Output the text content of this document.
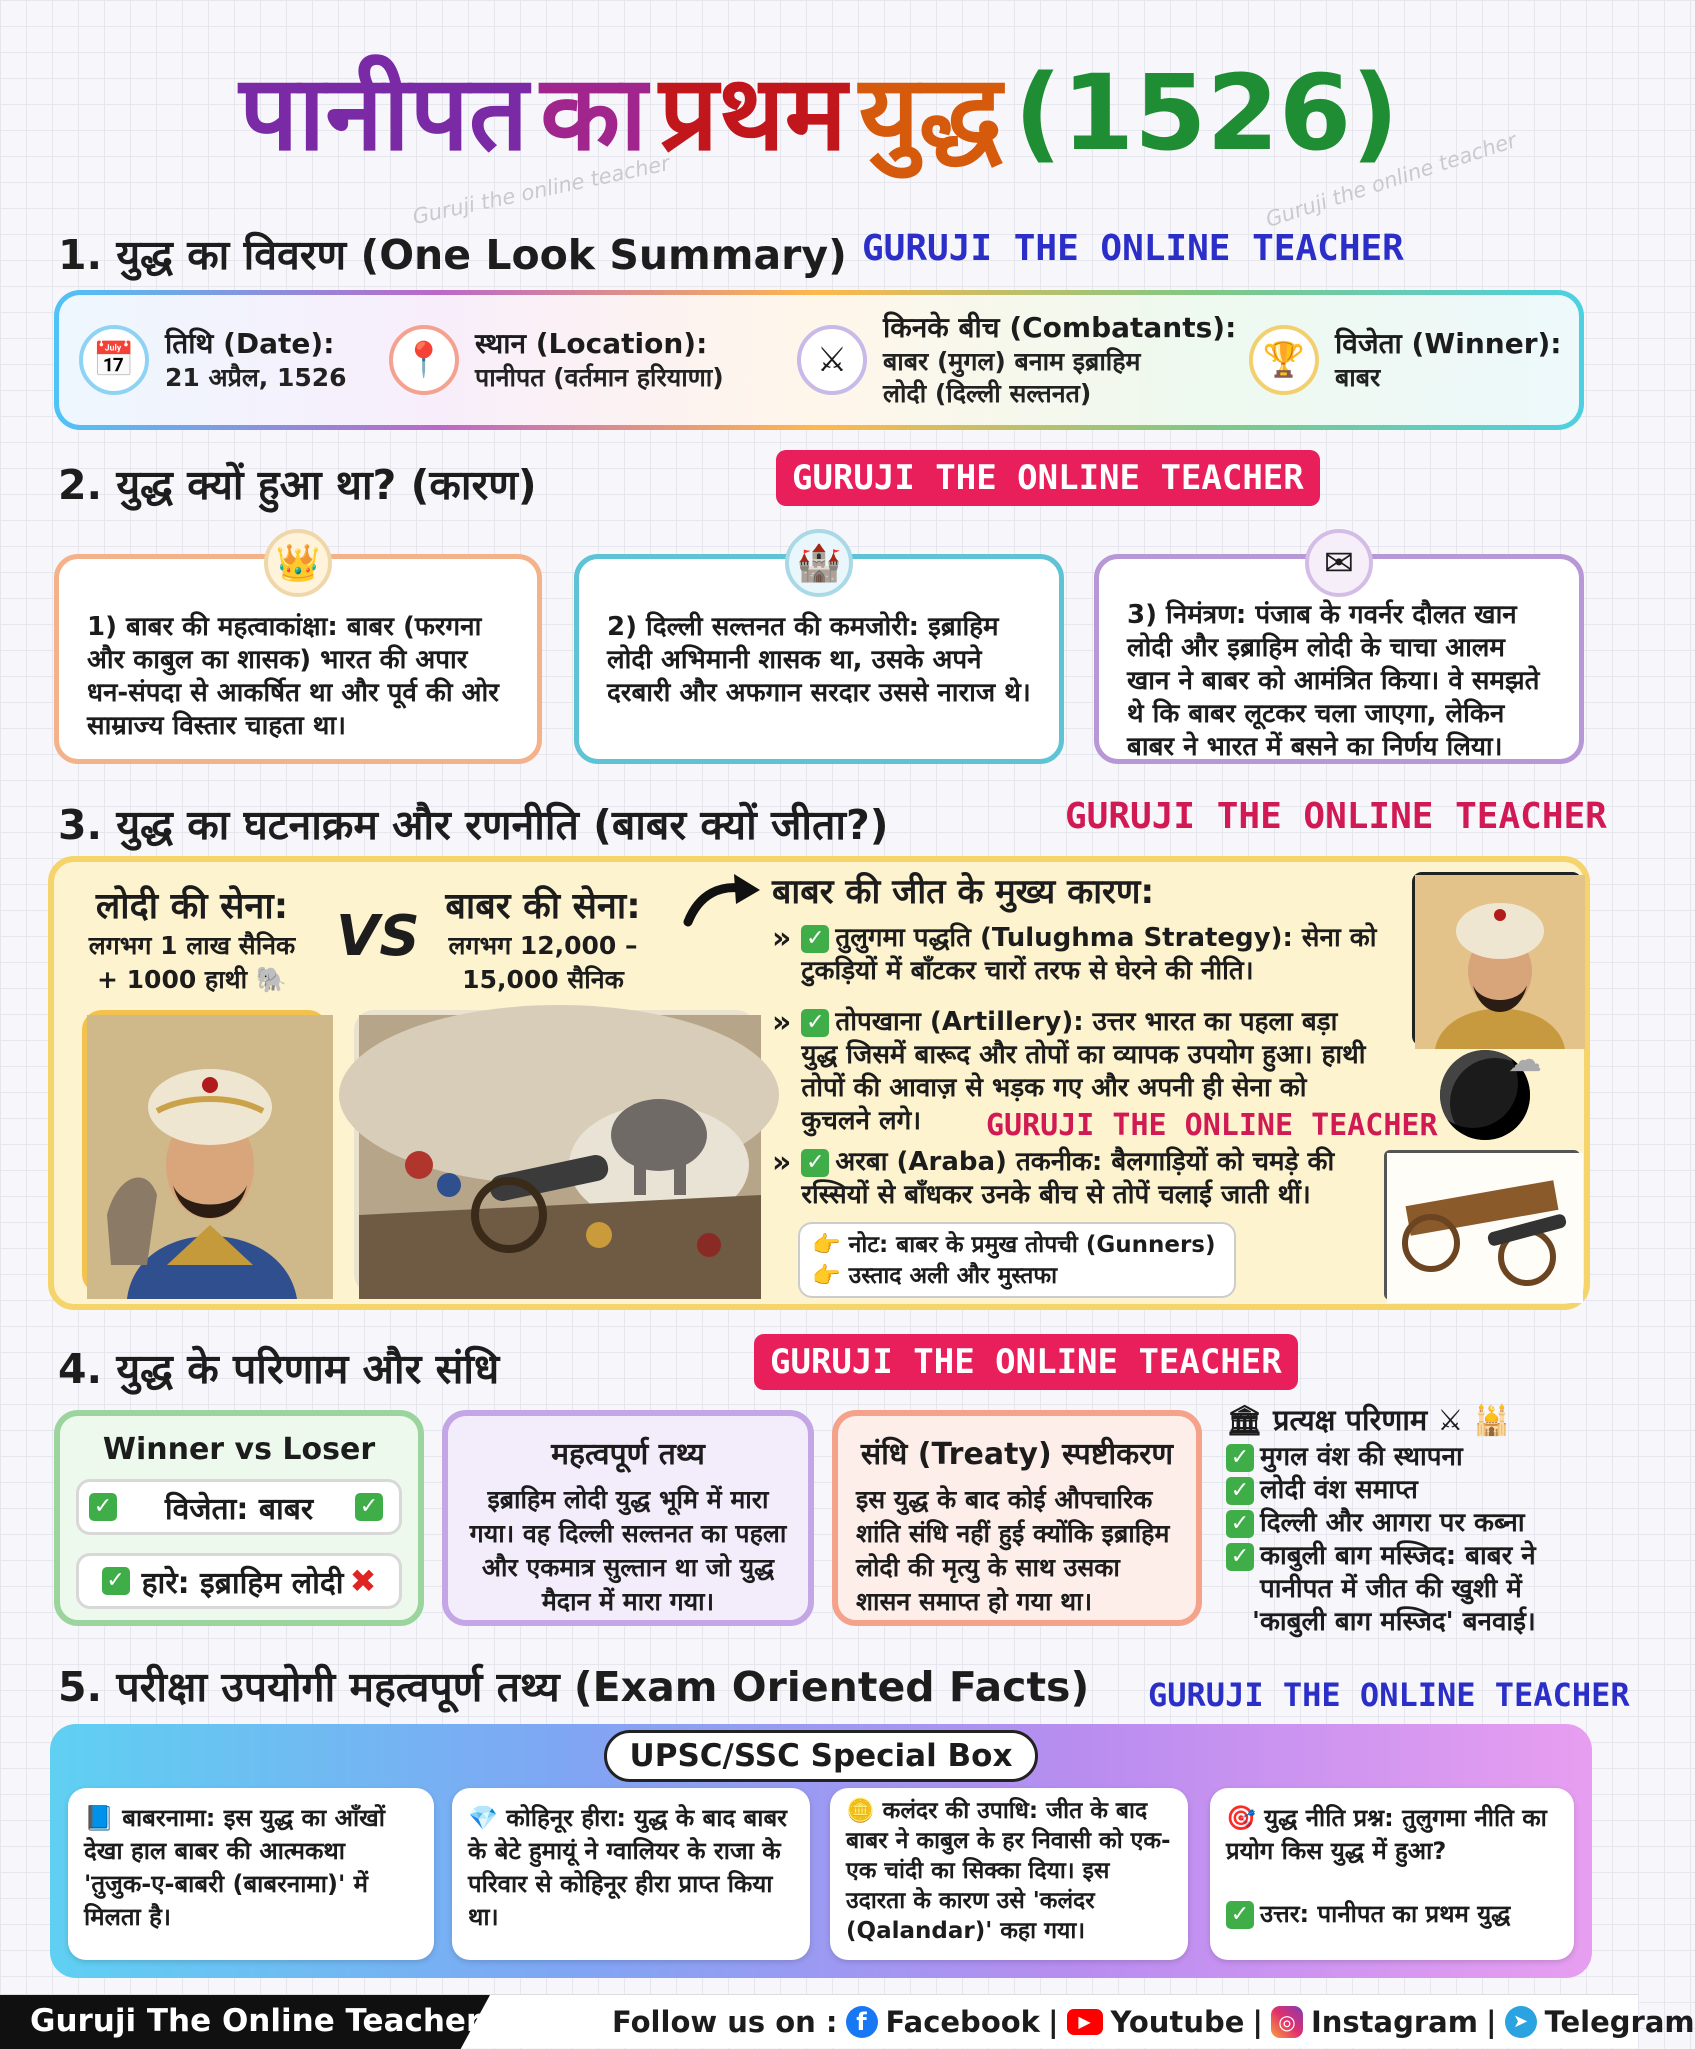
पानीपत का प्रथम युद्ध (1526)
Guruji the online teacher	Guruji the online teacher
1. युद्ध का विवरण (One Look Summary) GURUJI THE ONLINE TEACHER
📅	तिथि (Date):
21 अप्रैल, 1526	📍	स्थान (Location):
पानीपत (वर्तमान हरियाणा)	⚔
किनके बीच (Combatants):
बाबर (मुगल) बनाम इब्राहिम
लोदी (दिल्ली सल्तनत)
🏆	विजेता (Winner):
बाबर
2. युद्ध क्यों हुआ था? (कारण)	GURUJI THE ONLINE TEACHER
👑
1) बाबर की महत्वाकांक्षा: बाबर (फरगना और काबुल का शासक) भारत की अपार धन-संपदा से आकर्षित था और पूर्व की ओर साम्राज्य विस्तार चाहता था।
🏰
2) दिल्ली सल्तनत की कमजोरी: इब्राहिम लोदी अभिमानी शासक था, उसके अपने दरबारी और अफगान सरदार उससे नाराज थे।
✉
3) निमंत्रण: पंजाब के गवर्नर दौलत खान लोदी और इब्राहिम लोदी के चाचा आलम खान ने बाबर को आमंत्रित किया। वे समझते थे कि बाबर लूटकर चला जाएगा, लेकिन बाबर ने भारत में बसने का निर्णय लिया।
3. युद्ध का घटनाक्रम और रणनीति (बाबर क्यों जीता?)	GURUJI THE ONLINE TEACHER
लोदी की सेना:
लगभग 1 लाख सैनिक
+ 1000 हाथी 🐘
VS बाबर की सेना:
लगभग 12,000 –
15,000 सैनिक
बाबर की जीत के मुख्य कारण:
» ✓ तुलुगमा पद्धति (Tulughma Strategy): सेना को
टुकड़ियों में बाँटकर चारों तरफ से घेरने की नीति।
» ✓ तोपखाना (Artillery): उत्तर भारत का पहला बड़ा
युद्ध जिसमें बारूद और तोपों का व्यापक उपयोग हुआ। हाथी
तोपों की आवाज़ से भड़क गए और अपनी ही सेना को
कुचलने लगे।	GURUJI THE ONLINE TEACHER
» ✓ अरबा (Araba) तकनीक: बैलगाड़ियों को चमड़े की
रस्सियों से बाँधकर उनके बीच से तोपें चलाई जाती थीं।
👉 नोट: बाबर के प्रमुख तोपची (Gunners)
👉 उस्ताद अली और मुस्तफा
☁
4. युद्ध के परिणाम और संधि	GURUJI THE ONLINE TEACHER
Winner vs Loser
✓ विजेता: बाबर ✓
✓ हारे: इब्राहिम लोदी ✖
महत्वपूर्ण तथ्य
इब्राहिम लोदी युद्ध भूमि में मारा गया। वह दिल्ली सल्तनत का पहला और एकमात्र सुल्तान था जो युद्ध मैदान में मारा गया।
संधि (Treaty) स्पष्टीकरण
इस युद्ध के बाद कोई औपचारिक शांति संधि नहीं हुई क्योंकि इब्राहिम लोदी की मृत्यु के साथ उसका शासन समाप्त हो गया था।
🏛 प्रत्यक्ष परिणाम ⚔ 🕌
✓ मुगल वंश की स्थापना
✓ लोदी वंश समाप्त
✓ दिल्ली और आगरा पर कब्ना
✓ काबुली बाग मस्जिद: बाबर ने
पानीपत में जीत की खुशी में
'काबुली बाग मस्जिद' बनवाई।
5. परीक्षा उपयोगी महत्वपूर्ण तथ्य (Exam Oriented Facts) GURUJI THE ONLINE TEACHER
UPSC/SSC Special Box
📘 बाबरनामा: इस युद्ध का आँखों देखा हाल बाबर की आत्मकथा 'तुजुक-ए-बाबरी (बाबरनामा)' में मिलता है।
💎 कोहिनूर हीरा: युद्ध के बाद बाबर के बेटे हुमायूं ने ग्वालियर के राजा के परिवार से कोहिनूर हीरा प्राप्त किया था।
🪙 कलंदर की उपाधि: जीत के बाद बाबर ने काबुल के हर निवासी को एक-एक चांदी का सिक्का दिया। इस उदारता के कारण उसे 'कलंदर (Qalandar)' कहा गया।
🎯 युद्ध नीति प्रश्न: तुलुगमा नीति का प्रयोग किस युद्ध में हुआ?
✓ उत्तर: पानीपत का प्रथम युद्ध
Guruji The Online Teacher	Follow us on : f Facebook |	▶ Youtube | ◎ Instagram | ➤ Telegram
